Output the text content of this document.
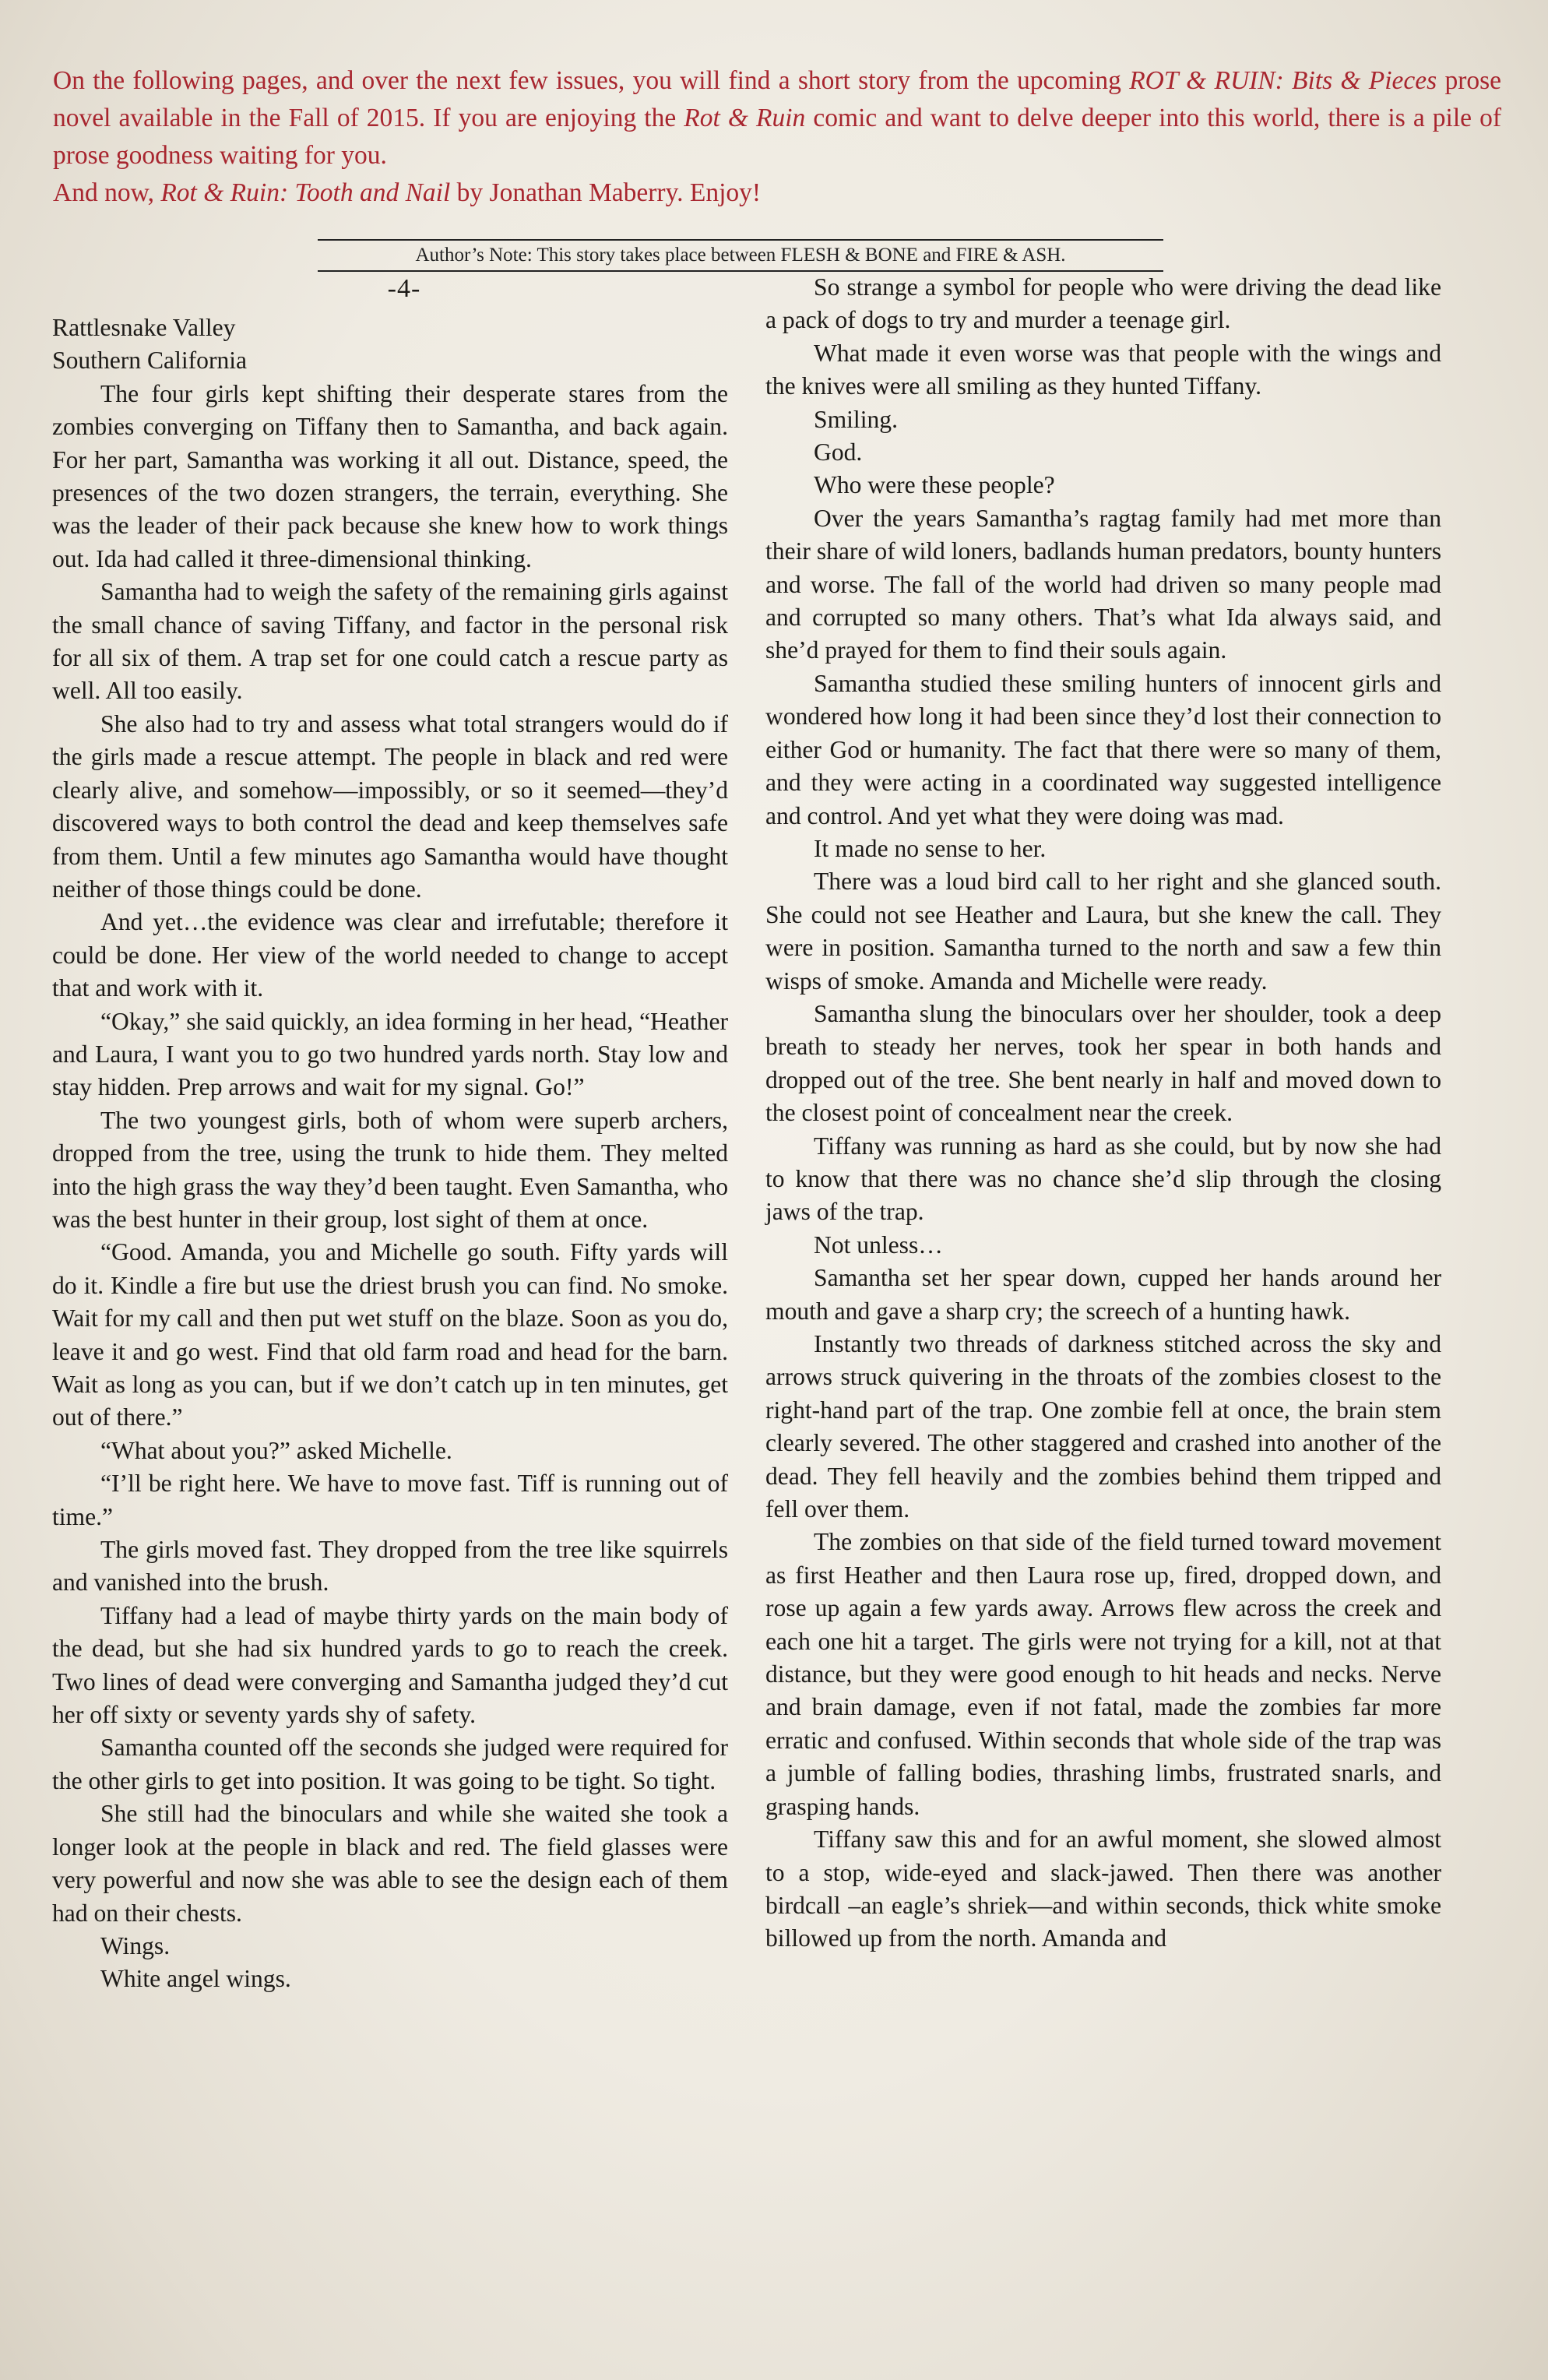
On the following pages, and over the next few issues, you will find a short story from the upcoming ROT & RUIN: Bits & Pieces prose novel available in the Fall of 2015. If you are enjoying the Rot & Ruin comic and want to delve deeper into this world, there is a pile of prose goodness waiting for you.

And now, Rot & Ruin: Tooth and Nail by Jonathan Maberry. Enjoy!

Author’s Note: This story takes place between FLESH & BONE and FIRE & ASH.
-4-

Rattlesnake Valley

Southern California

The four girls kept shifting their desperate stares from the zombies converging on Tiffany then to Samantha, and back again. For her part, Samantha was working it all out. Distance, speed, the presences of the two dozen strangers, the terrain, everything. She was the leader of their pack because she knew how to work things out. Ida had called it three-dimensional thinking.

Samantha had to weigh the safety of the remaining girls against the small chance of saving Tiffany, and factor in the personal risk for all six of them. A trap set for one could catch a rescue party as well. All too easily.

She also had to try and assess what total strangers would do if the girls made a rescue attempt. The people in black and red were clearly alive, and somehow—impossibly, or so it seemed—they’d discovered ways to both control the dead and keep themselves safe from them. Until a few minutes ago Samantha would have thought neither of those things could be done.

And yet…the evidence was clear and irrefutable; therefore it could be done. Her view of the world needed to change to accept that and work with it.

“Okay,” she said quickly, an idea forming in her head, “Heather and Laura, I want you to go two hundred yards north. Stay low and stay hidden. Prep arrows and wait for my signal. Go!”

The two youngest girls, both of whom were superb archers, dropped from the tree, using the trunk to hide them. They melted into the high grass the way they’d been taught. Even Samantha, who was the best hunter in their group, lost sight of them at once.

“Good. Amanda, you and Michelle go south. Fifty yards will do it. Kindle a fire but use the driest brush you can find. No smoke. Wait for my call and then put wet stuff on the blaze. Soon as you do, leave it and go west. Find that old farm road and head for the barn. Wait as long as you can, but if we don’t catch up in ten minutes, get out of there.”

“What about you?” asked Michelle.

“I’ll be right here. We have to move fast. Tiff is running out of time.”

The girls moved fast. They dropped from the tree like squirrels and vanished into the brush.

Tiffany had a lead of maybe thirty yards on the main body of the dead, but she had six hundred yards to go to reach the creek. Two lines of dead were converging and Samantha judged they’d cut her off sixty or seventy yards shy of safety.

Samantha counted off the seconds she judged were required for the other girls to get into position. It was going to be tight. So tight.

She still had the binoculars and while she waited she took a longer look at the people in black and red. The field glasses were very powerful and now she was able to see the design each of them had on their chests.

Wings.

White angel wings.

So strange a symbol for people who were driving the dead like a pack of dogs to try and murder a teenage girl.

What made it even worse was that people with the wings and the knives were all smiling as they hunted Tiffany.

Smiling.

God.

Who were these people?

Over the years Samantha’s ragtag family had met more than their share of wild loners, badlands human predators, bounty hunters and worse. The fall of the world had driven so many people mad and corrupted so many others. That’s what Ida always said, and she’d prayed for them to find their souls again.

Samantha studied these smiling hunters of innocent girls and wondered how long it had been since they’d lost their connection to either God or humanity. The fact that there were so many of them, and they were acting in a coordinated way suggested intelligence and control. And yet what they were doing was mad.

It made no sense to her.

There was a loud bird call to her right and she glanced south. She could not see Heather and Laura, but she knew the call. They were in position. Samantha turned to the north and saw a few thin wisps of smoke. Amanda and Michelle were ready.

Samantha slung the binoculars over her shoulder, took a deep breath to steady her nerves, took her spear in both hands and dropped out of the tree. She bent nearly in half and moved down to the closest point of concealment near the creek.

Tiffany was running as hard as she could, but by now she had to know that there was no chance she’d slip through the closing jaws of the trap.

Not unless…

Samantha set her spear down, cupped her hands around her mouth and gave a sharp cry; the screech of a hunting hawk.

Instantly two threads of darkness stitched across the sky and arrows struck quivering in the throats of the zombies closest to the right-hand part of the trap. One zombie fell at once, the brain stem clearly severed. The other staggered and crashed into another of the dead. They fell heavily and the zombies behind them tripped and fell over them.

The zombies on that side of the field turned toward movement as first Heather and then Laura rose up, fired, dropped down, and rose up again a few yards away. Arrows flew across the creek and each one hit a target. The girls were not trying for a kill, not at that distance, but they were good enough to hit heads and necks. Nerve and brain damage, even if not fatal, made the zombies far more erratic and confused. Within seconds that whole side of the trap was a jumble of falling bodies, thrashing limbs, frustrated snarls, and grasping hands.

Tiffany saw this and for an awful moment, she slowed almost to a stop, wide-eyed and slack-jawed. Then there was another birdcall –an eagle’s shriek—and within seconds, thick white smoke billowed up from the north. Amanda and
